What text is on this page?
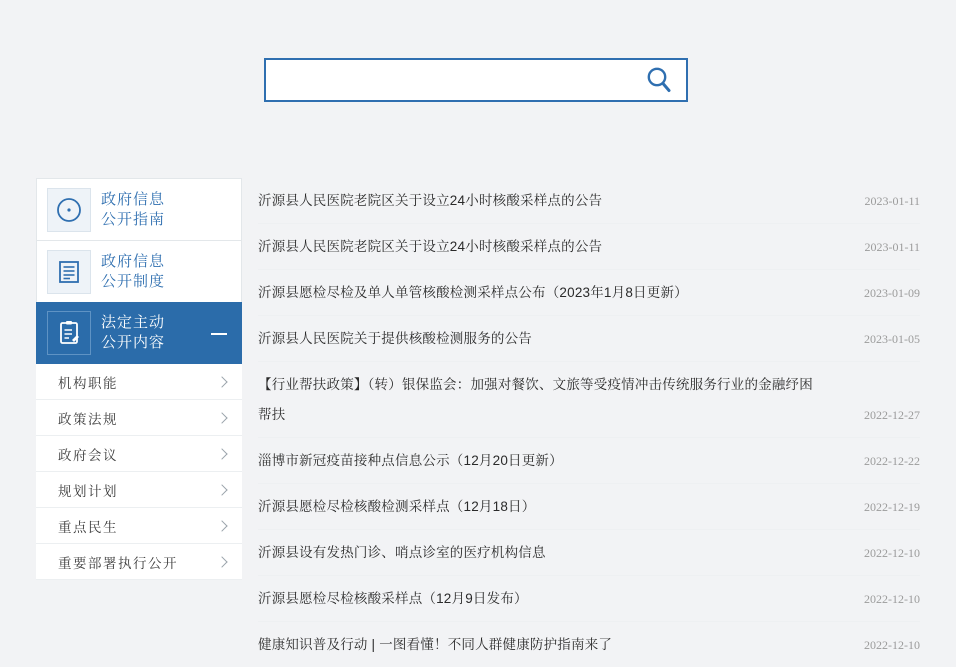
政府信息
公开指南
政府信息
公开制度
法定主动
公开内容
机构职能
政策法规
政府会议
规划计划
重点民生
重要部署执行公开
沂源县人民医院老院区关于设立24小时核酸采样点的公告	2023-01-11
沂源县人民医院老院区关于设立24小时核酸采样点的公告	2023-01-11
沂源县愿检尽检及单人单管核酸检测采样点公布（2023年1月8日更新）	2023-01-09
沂源县人民医院关于提供核酸检测服务的公告	2023-01-05
【行业帮扶政策】（转）银保监会：加强对餐饮、文旅等受疫情冲击传统服务行业的金融纾困帮扶	2022-12-27
淄博市新冠疫苗接种点信息公示（12月20日更新）	2022-12-22
沂源县愿检尽检核酸检测采样点（12月18日）	2022-12-19
沂源县设有发热门诊、哨点诊室的医疗机构信息	2022-12-10
沂源县愿检尽检核酸采样点（12月9日发布）	2022-12-10
健康知识普及行动 | 一图看懂！不同人群健康防护指南来了	2022-12-10
